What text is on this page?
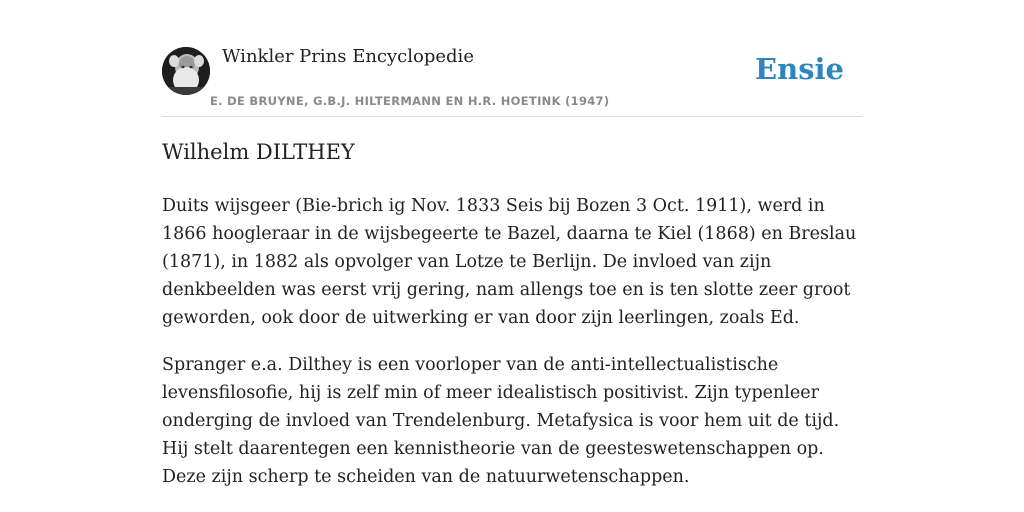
Winkler Prins Encyclopedie
E. DE BRUYNE, G.B.J. HILTERMANN EN H.R. HOETINK (1947)
Ensie
Wilhelm DILTHEY

Duits wijsgeer (Bie-brich ig Nov. 1833 Seis bij Bozen 3 Oct. 1911), werd in 1866 hoogleraar in de wijsbegeerte te Bazel, daarna te Kiel (1868) en Breslau (1871), in 1882 als opvolger van Lotze te Berlijn. De invloed van zijn denkbeelden was eerst vrij gering, nam allengs toe en is ten slotte zeer groot geworden, ook door de uitwerking er van door zijn leerlingen, zoals Ed.

Spranger e.a. Dilthey is een voorloper van de anti-intellectualistische levensfilosofie, hij is zelf min of meer idealistisch positivist. Zijn typenleer onderging de invloed van Trendelenburg. Metafysica is voor hem uit de tijd. Hij stelt daarentegen een kennistheorie van de geesteswetenschappen op. Deze zijn scherp te scheiden van de natuurwetenschappen.
